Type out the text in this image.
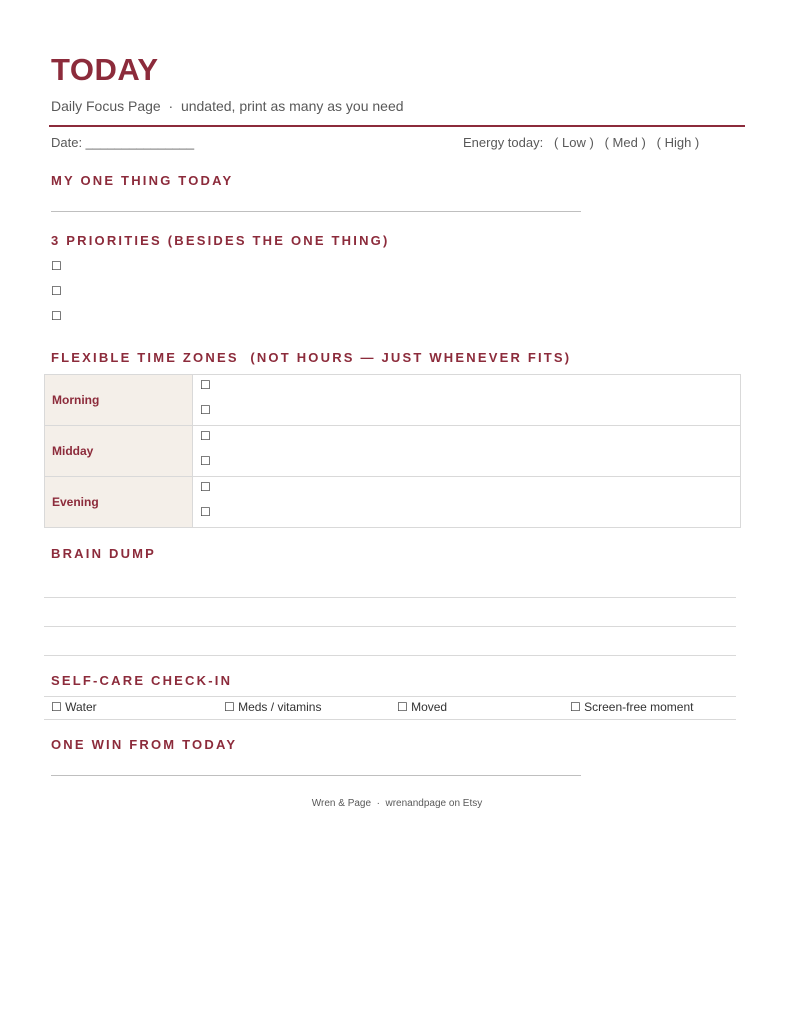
TODAY
Daily Focus Page  ·  undated, print as many as you need
Date: _______________	Energy today:   ( Low )   ( Med )   ( High )
MY ONE THING TODAY
3 PRIORITIES (BESIDES THE ONE THING)
☐
☐
☐
FLEXIBLE TIME ZONES  (NOT HOURS — JUST WHENEVER FITS)
Morning	☐
☐

Midday	☐
☐

Evening	☐
☐
BRAIN DUMP
SELF-CARE CHECK-IN
☐ Water	☐ Meds / vitamins	☐ Moved	☐ Screen-free moment
ONE WIN FROM TODAY
Wren & Page  ·  wrenandpage on Etsy
